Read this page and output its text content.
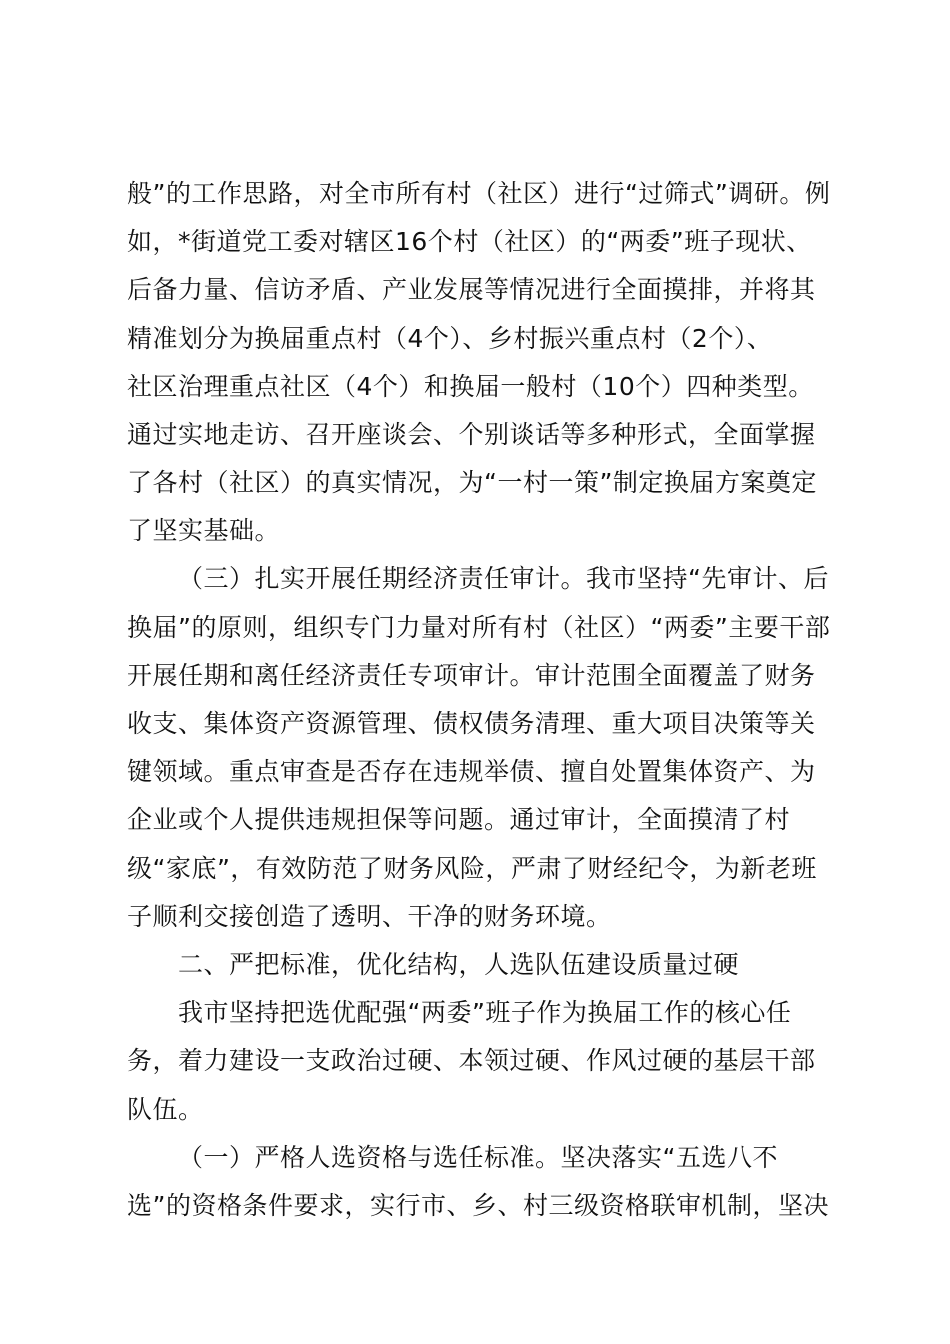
般”的工作思路，对全市所有村（社区）进行“过筛式”调研。例
如，*街道党工委对辖区16个村（社区）的“两委”班子现状、
后备力量、信访矛盾、产业发展等情况进行全面摸排，并将其
精准划分为换届重点村（4个）、乡村振兴重点村（2个）、
社区治理重点社区（4个）和换届一般村（10个）四种类型。
通过实地走访、召开座谈会、个别谈话等多种形式，全面掌握
了各村（社区）的真实情况，为“一村一策”制定换届方案奠定
了坚实基础。
（三）扎实开展任期经济责任审计。我市坚持“先审计、后
换届”的原则，组织专门力量对所有村（社区）“两委”主要干部
开展任期和离任经济责任专项审计。审计范围全面覆盖了财务
收支、集体资产资源管理、债权债务清理、重大项目决策等关
键领域。重点审查是否存在违规举债、擅自处置集体资产、为
企业或个人提供违规担保等问题。通过审计，全面摸清了村
级“家底”，有效防范了财务风险，严肃了财经纪令，为新老班
子顺利交接创造了透明、干净的财务环境。
二、严把标准，优化结构，人选队伍建设质量过硬
我市坚持把选优配强“两委”班子作为换届工作的核心任
务，着力建设一支政治过硬、本领过硬、作风过硬的基层干部
队伍。
（一）严格人选资格与选任标准。坚决落实“五选八不
选”的资格条件要求，实行市、乡、村三级资格联审机制，坚决
